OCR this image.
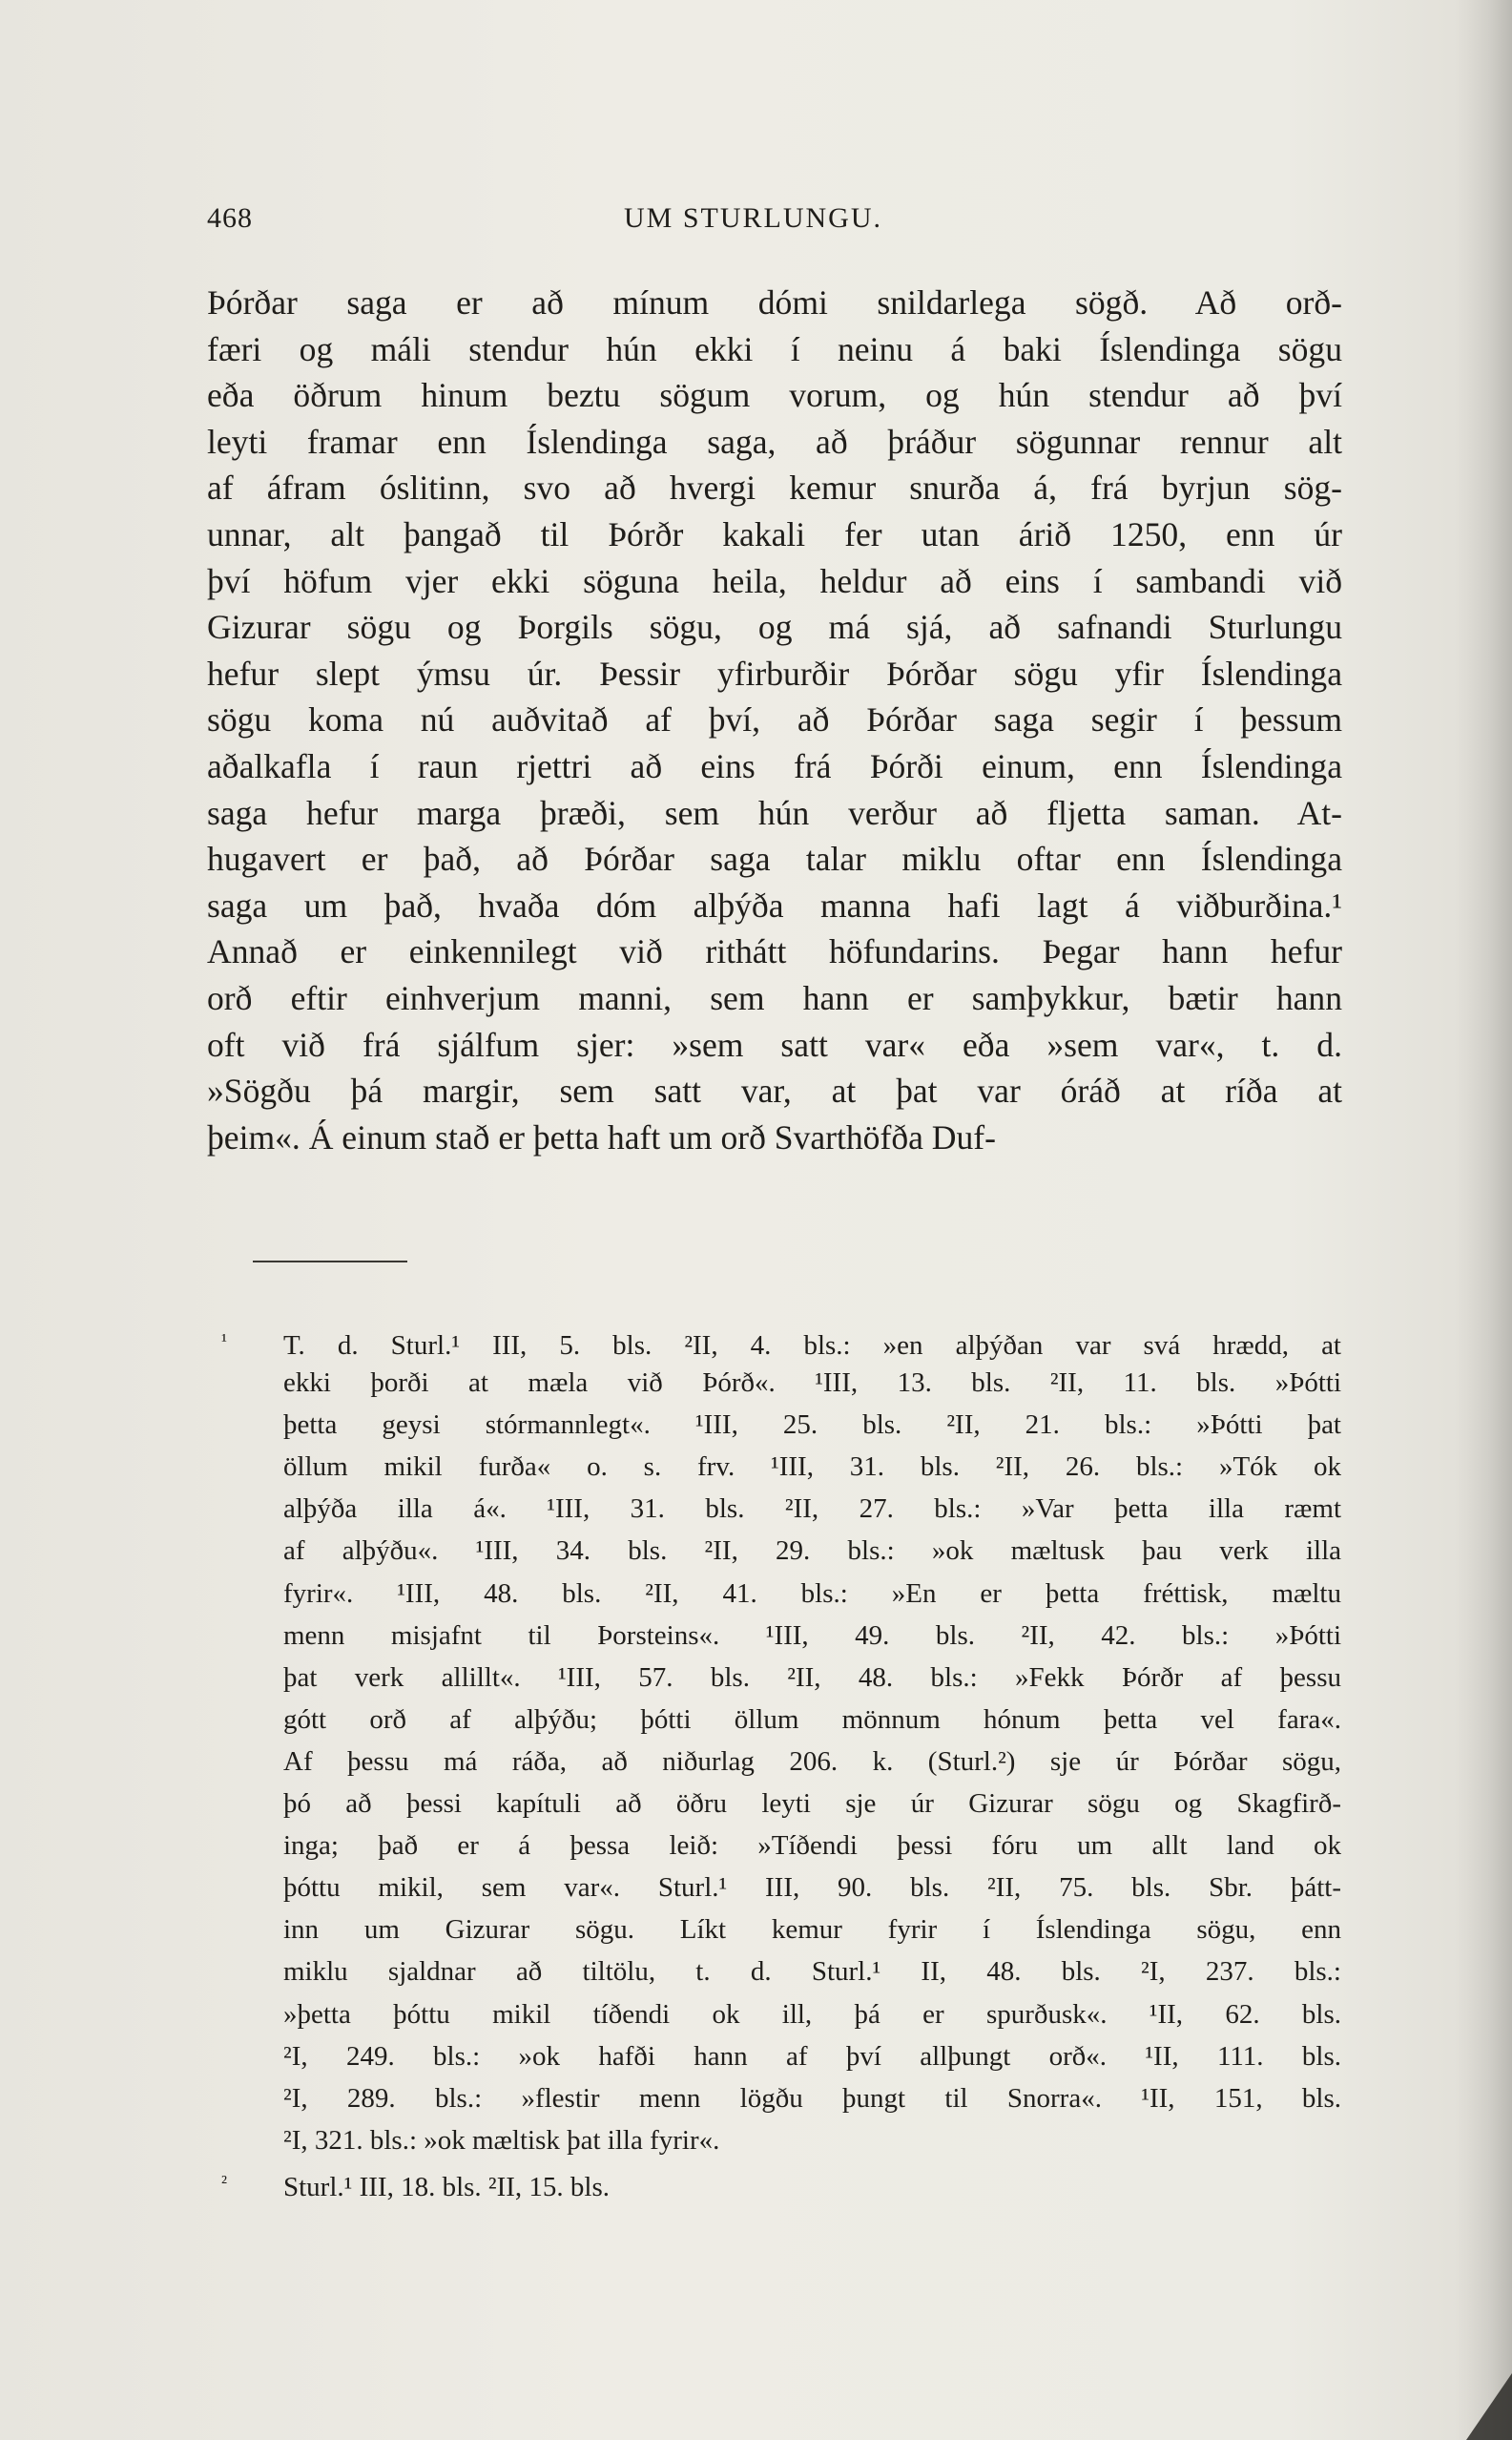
468	UM STURLUNGU.
Þórðar saga er að mínum dómi snildarlega sögð. Að orð-
færi og máli stendur hún ekki í neinu á baki Íslendinga sögu
eða öðrum hinum beztu sögum vorum, og hún stendur að því
leyti framar enn Íslendinga saga, að þráður sögunnar rennur alt
af áfram óslitinn, svo að hvergi kemur snurða á, frá byrjun sög-
unnar, alt þangað til Þórðr kakali fer utan árið 1250, enn úr
því höfum vjer ekki söguna heila, heldur að eins í sambandi við
Gizurar sögu og Þorgils sögu, og má sjá, að safnandi Sturlungu
hefur slept ýmsu úr. Þessir yfirburðir Þórðar sögu yfir Íslendinga
sögu koma nú auðvitað af því, að Þórðar saga segir í þessum
aðalkafla í raun rjettri að eins frá Þórði einum, enn Íslendinga
saga hefur marga þræði, sem hún verður að fljetta saman. At-
hugavert er það, að Þórðar saga talar miklu oftar enn Íslendinga
saga um það, hvaða dóm alþýða manna hafi lagt á viðburðina.¹
Annað er einkennilegt við rithátt höfundarins. Þegar hann hefur
orð eftir einhverjum manni, sem hann er samþykkur, bætir hann
oft við frá sjálfum sjer: »sem satt var« eða »sem var«, t. d.
»Sögðu þá margir, sem satt var, at þat var óráð at ríða at
þeim«. Á einum stað er þetta haft um orð Svarthöfða Duf-
¹ T. d. Sturl.¹ III, 5. bls. ²II, 4. bls.: »en alþýðan var svá hrædd, at
ekki þorði at mæla við Þórð«. ¹III, 13. bls. ²II, 11. bls. »Þótti
þetta geysi stórmannlegt«. ¹III, 25. bls. ²II, 21. bls.: »Þótti þat
öllum mikil furða« o. s. frv. ¹III, 31. bls. ²II, 26. bls.: »Tók ok
alþýða illa á«. ¹III, 31. bls. ²II, 27. bls.: »Var þetta illa ræmt
af alþýðu«. ¹III, 34. bls. ²II, 29. bls.: »ok mæltusk þau verk illa
fyrir«. ¹III, 48. bls. ²II, 41. bls.: »En er þetta fréttisk, mæltu
menn misjafnt til Þorsteins«. ¹III, 49. bls. ²II, 42. bls.: »Þótti
þat verk allillt«. ¹III, 57. bls. ²II, 48. bls.: »Fekk Þórðr af þessu
gótt orð af alþýðu; þótti öllum mönnum hónum þetta vel fara«.
Af þessu má ráða, að niðurlag 206. k. (Sturl.²) sje úr Þórðar sögu,
þó að þessi kapítuli að öðru leyti sje úr Gizurar sögu og Skagfirð-
inga; það er á þessa leið: »Tíðendi þessi fóru um allt land ok
þóttu mikil, sem var«. Sturl.¹ III, 90. bls. ²II, 75. bls. Sbr. þátt-
inn um Gizurar sögu. Líkt kemur fyrir í Íslendinga sögu, enn
miklu sjaldnar að tiltölu, t. d. Sturl.¹ II, 48. bls. ²I, 237. bls.:
»þetta þóttu mikil tíðendi ok ill, þá er spurðusk«. ¹II, 62. bls.
²I, 249. bls.: »ok hafði hann af því allþungt orð«. ¹II, 111. bls.
²I, 289. bls.: »flestir menn lögðu þungt til Snorra«. ¹II, 151, bls.
²I, 321. bls.: »ok mæltisk þat illa fyrir«.
² Sturl.¹ III, 18. bls. ²II, 15. bls.
